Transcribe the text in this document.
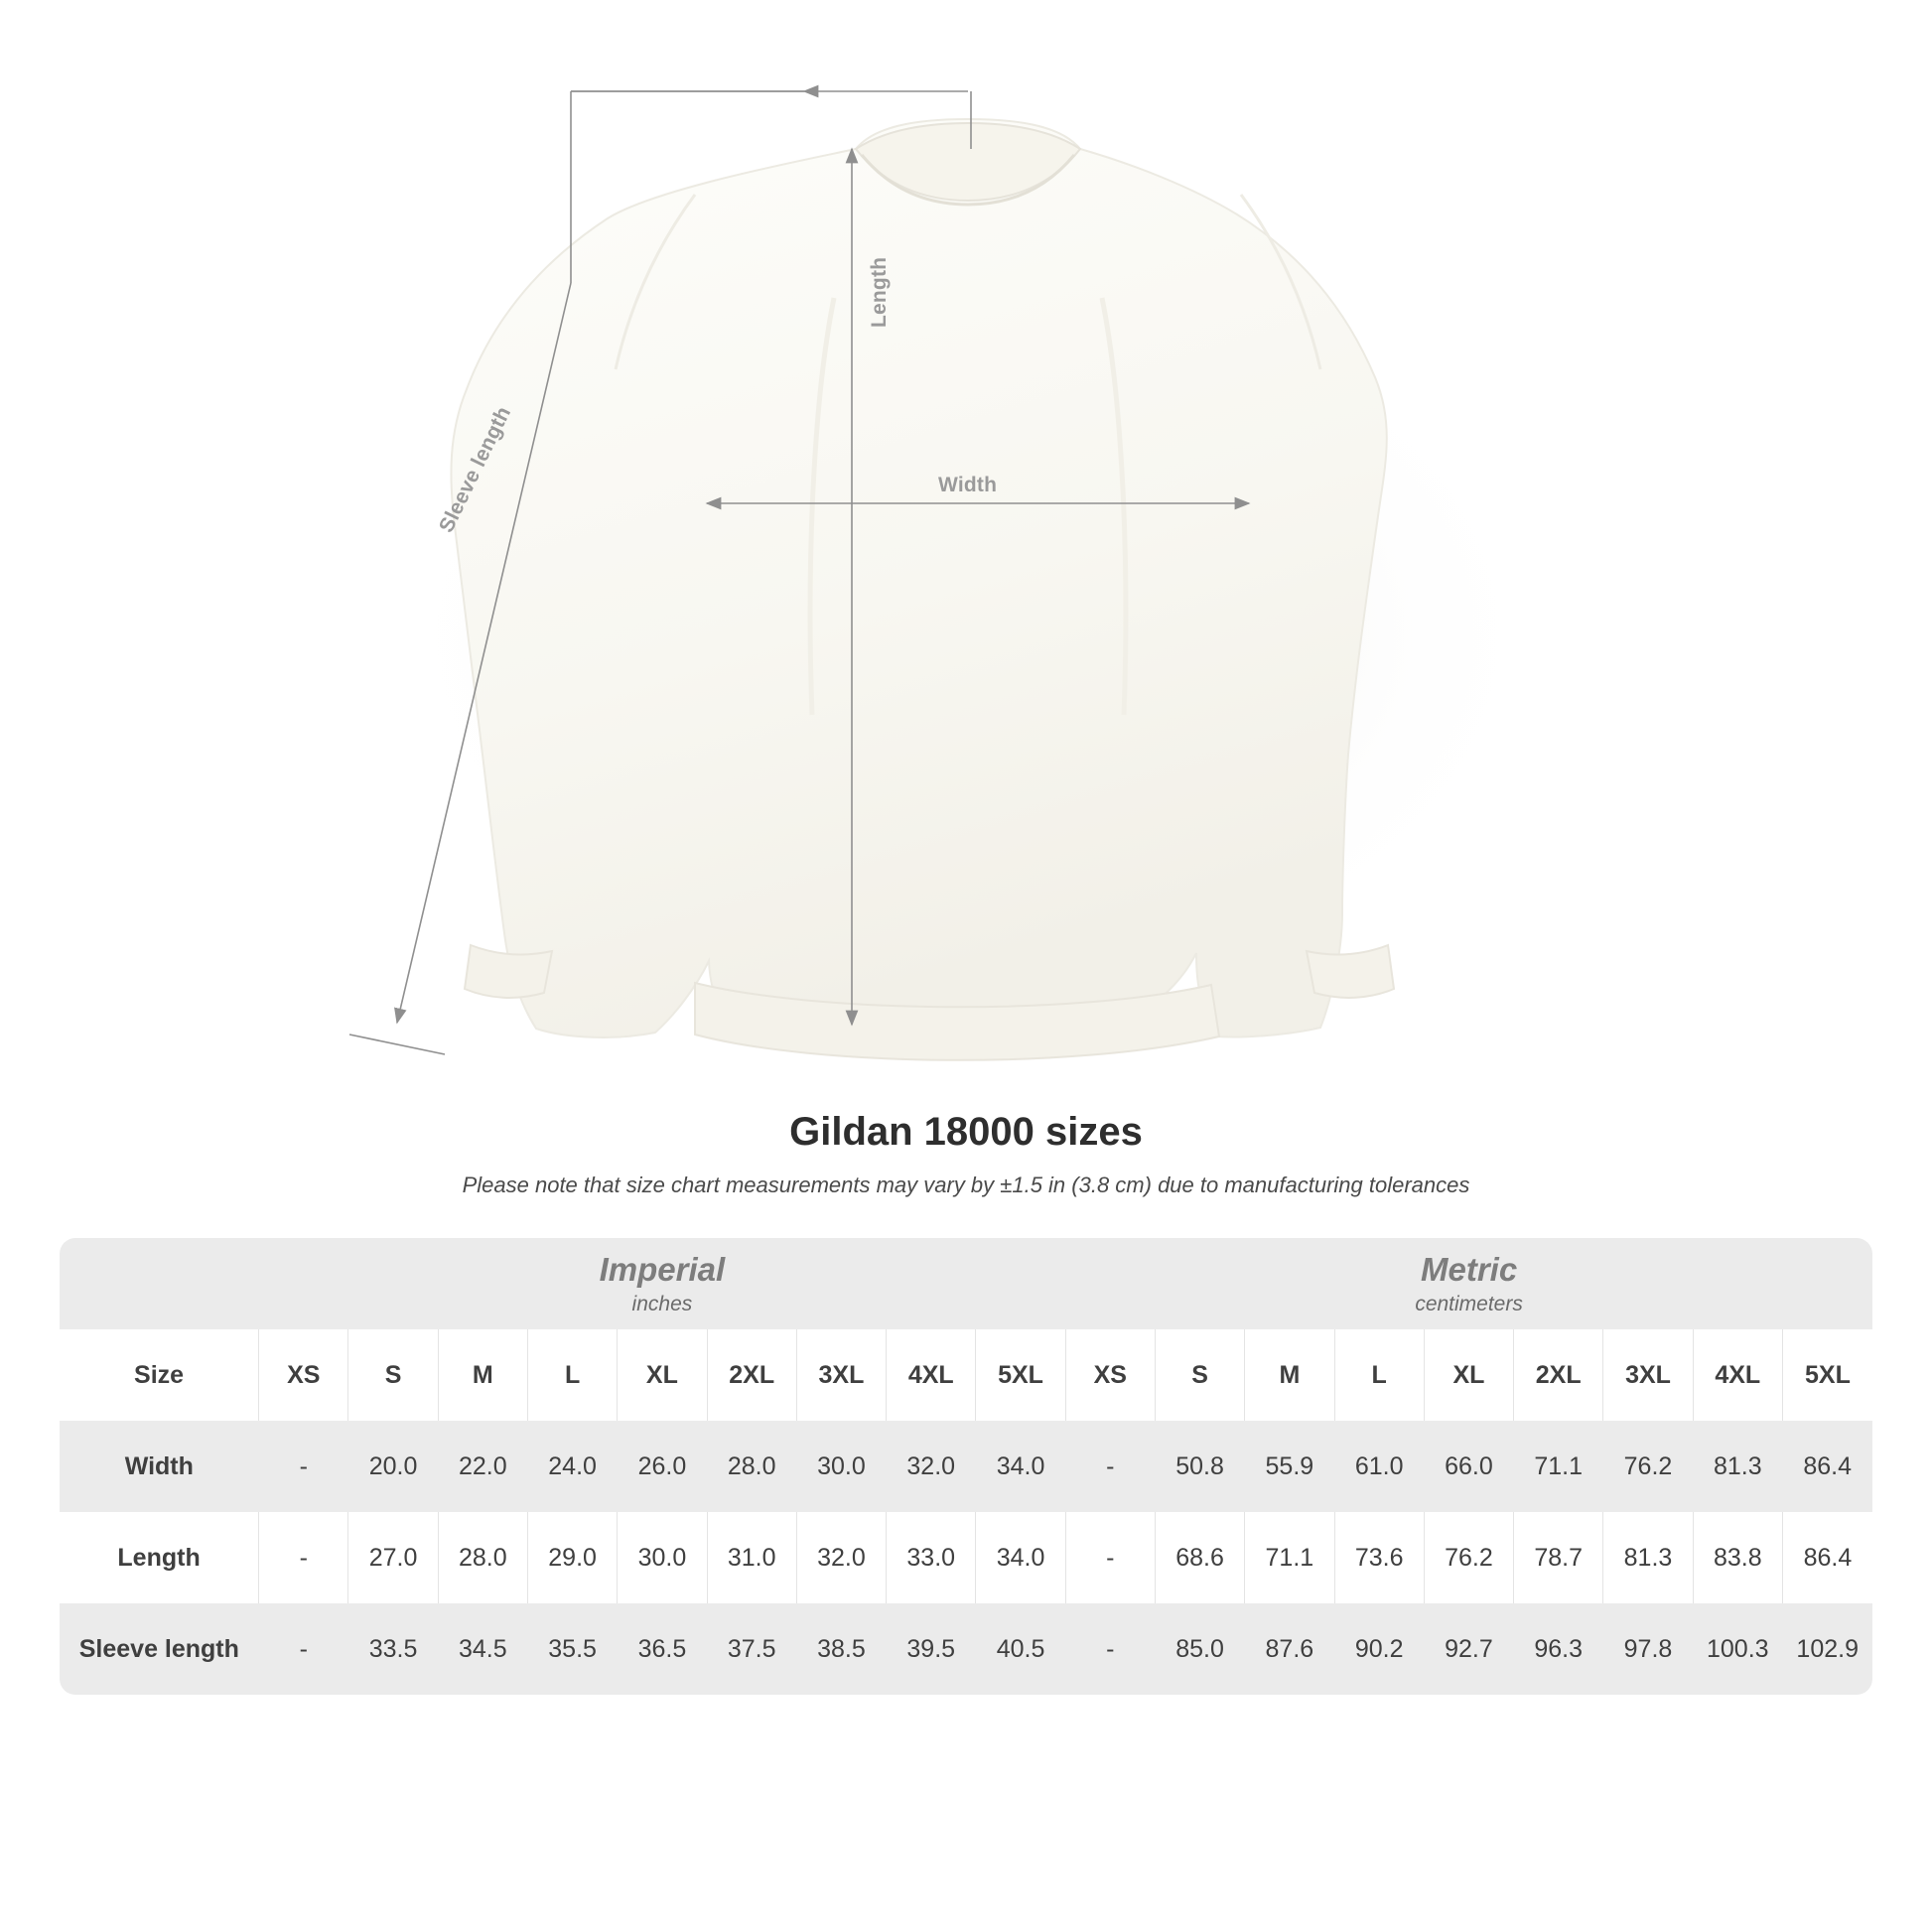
Length
Width
Sleeve length
Gildan 18000 sizes

Please note that size chart measurements may vary by ±1.5 in (3.8 cm) due to manufacturing tolerances

Imperial
inches

Metric
centimeters

Size	XS	S	M	L	XL	2XL	3XL	4XL	5XL	XS	S	M	L	XL	2XL	3XL	4XL	5XL
Width	-	20.0	22.0	24.0	26.0	28.0	30.0	32.0	34.0	-	50.8	55.9	61.0	66.0	71.1	76.2	81.3	86.4
Length	-	27.0	28.0	29.0	30.0	31.0	32.0	33.0	34.0	-	68.6	71.1	73.6	76.2	78.7	81.3	83.8	86.4
Sleeve length	-	33.5	34.5	35.5	36.5	37.5	38.5	39.5	40.5	-	85.0	87.6	90.2	92.7	96.3	97.8	100.3	102.9
